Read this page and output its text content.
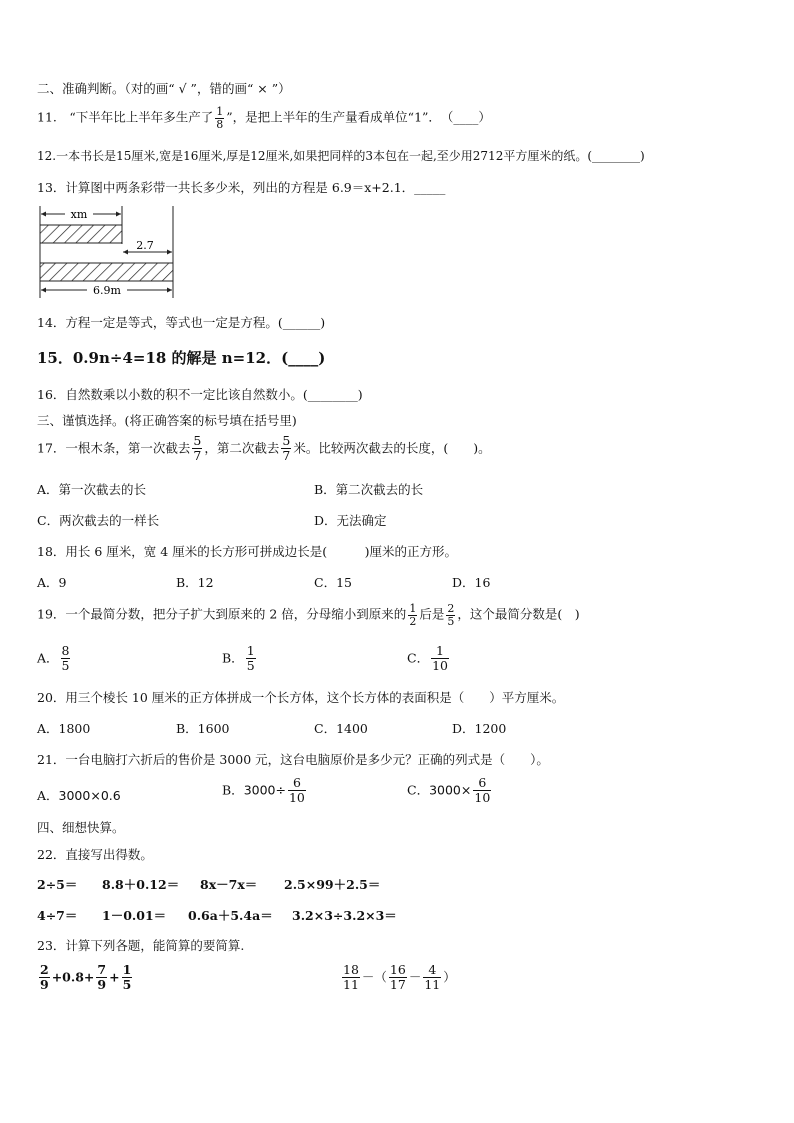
二、准确判断。（对的画“ √ ”，错的画“ × ”）
11.　“下半年比上半年多生产了 $\frac{1}{8}$ ”，是把上半年的生产量看成单位“1”．　（____）
12.一本书长是15厘米,宽是16厘米,厚是12厘米,如果把同样的3本包在一起,至少用2712平方厘米的纸。(________)
13．计算图中两条彩带一共长多少米，列出的方程是 6.9＝x+2.1．_____
xm
2.7
6.9m
14．方程一定是等式，等式也一定是方程。(______)
15．0.9n÷4=18 的解是 n=12．(____)
16．自然数乘以小数的积不一定比该自然数小。(________)
三、谨慎选择。(将正确答案的标号填在括号里)
17．一根木条，第一次截去 $\frac{5}{7}$ ，第二次截去 $\frac{5}{7}$ 米。比较两次截去的长度，(　　)。
A．第一次截去的长	B．第二次截去的长
C．两次截去的一样长	D．无法确定
18．用长 6 厘米，宽 4 厘米的长方形可拼成边长是(　　　)厘米的正方形。
A．9	B．12	C．15	D．16
19．一个最简分数，把分子扩大到原来的 2 倍，分母缩小到原来的 $\frac{1}{2}$ 后是 $\frac{2}{5}$ ，这个最简分数是(　)
A． $\frac{8}{5}$	B． $\frac{1}{5}$	C． $\frac{1}{10}$
20．用三个棱长 10 厘米的正方体拼成一个长方体，这个长方体的表面积是（　　）平方厘米。
A．1800	B．1600	C．1400	D．1200
21．一台电脑打六折后的售价是 3000 元，这台电脑原价是多少元？正确的列式是（　　）。
A．3000×0.6	B．$3000\div \frac{6}{10}$	C．$3000\times \frac{6}{10}$
四、细想快算。
22．直接写出得数。
2÷5＝ 8.8＋0.12＝ 8x－7x＝ 2.5×99＋2.5＝
4÷7＝ 1－0.01＝ 0.6a＋5.4a＝ 3.2×3÷3.2×3＝
23．计算下列各题，能简算的要简算.
$\frac{2}{9} +0.8+ \frac{7}{9} + \frac{1}{5}$	$\frac{18}{11}$ －（ $\frac{16}{17} - \frac{4}{11}$ ）
